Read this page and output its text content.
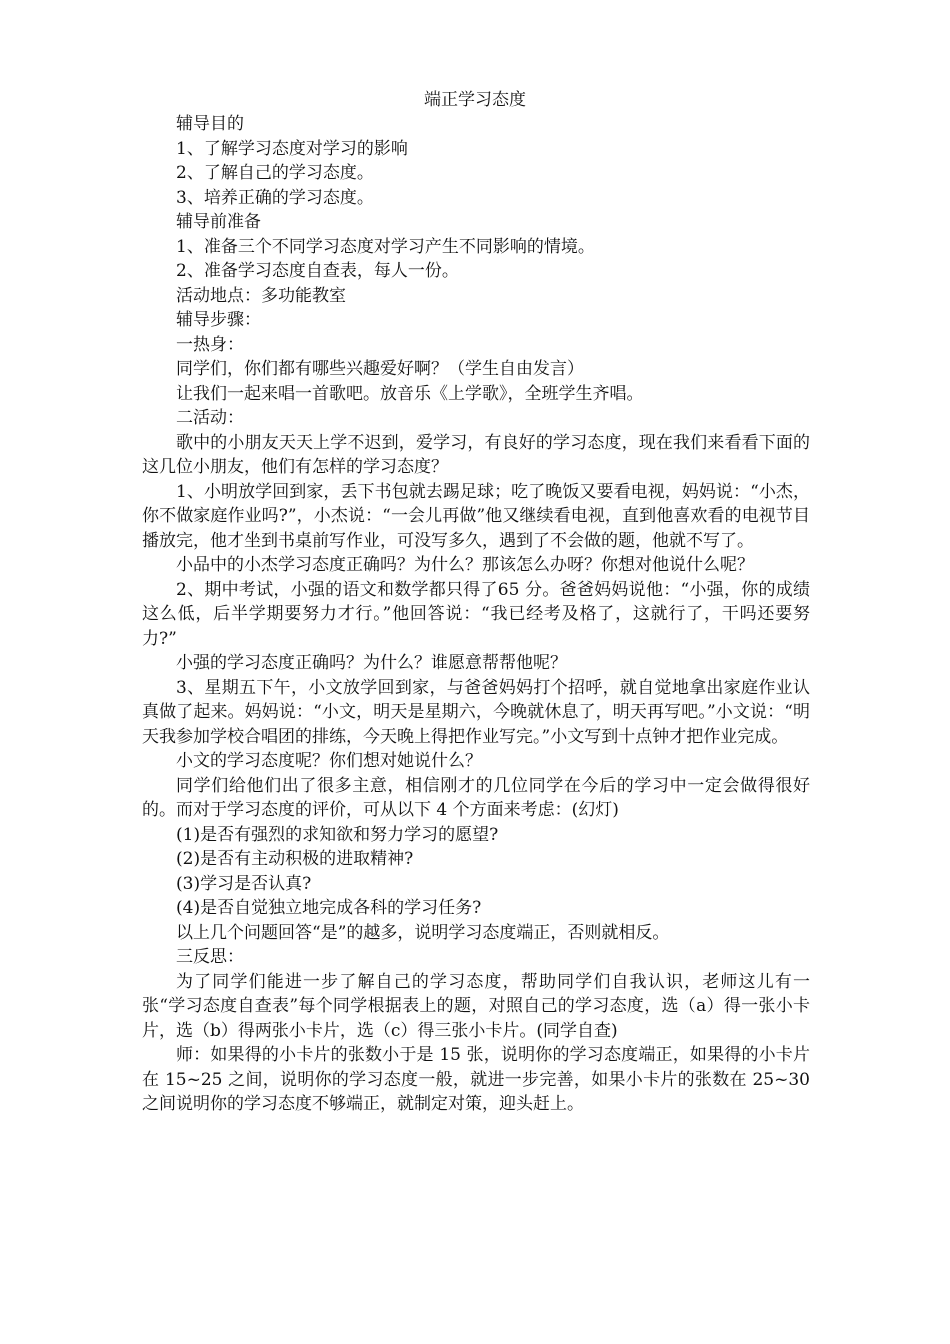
端正学习态度

辅导目的

1、了解学习态度对学习的影响

2、了解自己的学习态度。

3、培养正确的学习态度。

辅导前准备

1、准备三个不同学习态度对学习产生不同影响的情境。

2、准备学习态度自查表，每人一份。

活动地点：多功能教室

辅导步骤：

一热身：

同学们，你们都有哪些兴趣爱好啊？（学生自由发言）

让我们一起来唱一首歌吧。放音乐《上学歌》，全班学生齐唱。

二活动：

歌中的小朋友天天上学不迟到，爱学习，有良好的学习态度，现在我们来看看下面的这几位小朋友，他们有怎样的学习态度？

1、小明放学回到家，丢下书包就去踢足球；吃了晚饭又要看电视，妈妈说：“小杰，你不做家庭作业吗?”，小杰说：“一会儿再做”他又继续看电视，直到他喜欢看的电视节目播放完，他才坐到书桌前写作业，可没写多久，遇到了不会做的题，他就不写了。

小品中的小杰学习态度正确吗？为什么？那该怎么办呀？你想对他说什么呢？

2、期中考试，小强的语文和数学都只得了65 分。爸爸妈妈说他：“小强，你的成绩这么低，后半学期要努力才行。”他回答说：“我已经考及格了，这就行了，干吗还要努力?”

小强的学习态度正确吗？为什么？谁愿意帮帮他呢？

3、星期五下午，小文放学回到家，与爸爸妈妈打个招呼，就自觉地拿出家庭作业认真做了起来。妈妈说：“小文，明天是星期六，今晚就休息了，明天再写吧。”小文说：“明天我参加学校合唱团的排练，今天晚上得把作业写完。”小文写到十点钟才把作业完成。

小文的学习态度呢？你们想对她说什么？

同学们给他们出了很多主意，相信刚才的几位同学在今后的学习中一定会做得很好的。而对于学习态度的评价，可从以下 4 个方面来考虑：(幻灯)

(1)是否有强烈的求知欲和努力学习的愿望?

(2)是否有主动积极的进取精神?

(3)学习是否认真?

(4)是否自觉独立地完成各科的学习任务?

以上几个问题回答“是”的越多，说明学习态度端正，否则就相反。

三反思：

为了同学们能进一步了解自己的学习态度，帮助同学们自我认识，老师这儿有一张“学习态度自查表”每个同学根据表上的题，对照自己的学习态度，选（a）得一张小卡片，选（b）得两张小卡片，选（c）得三张小卡片。(同学自查)

师：如果得的小卡片的张数小于是 15 张，说明你的学习态度端正，如果得的小卡片在 15~25 之间，说明你的学习态度一般，就进一步完善，如果小卡片的张数在 25~30 之间说明你的学习态度不够端正，就制定对策，迎头赶上。
